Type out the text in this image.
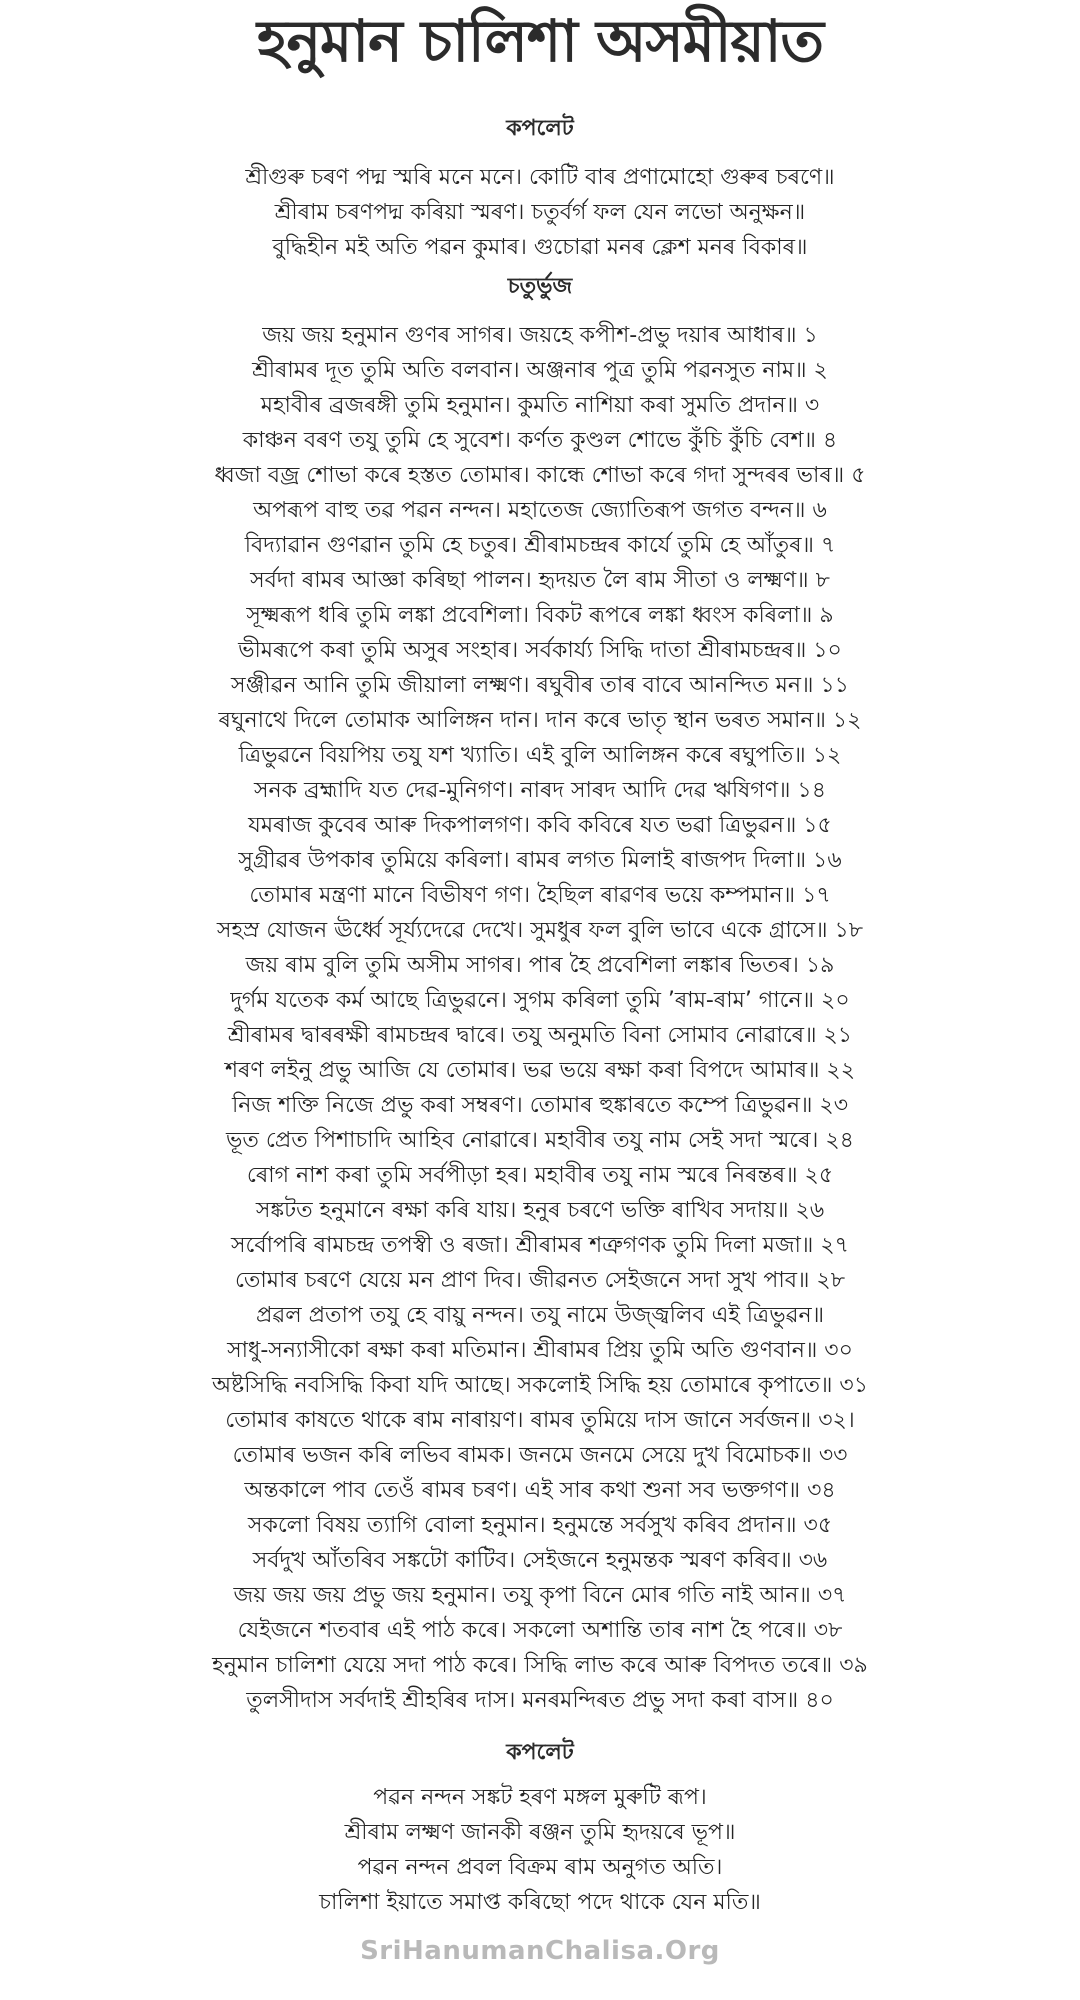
হনুমান চালিশা অসমীয়াত
কপলেট
শ্ৰীগুৰু চৰণ পদ্ম স্মৰি মনে মনে। কোটি বাৰ প্ৰণামোহো গুৰুৰ চৰণে॥
শ্ৰীৰাম চৰণপদ্ম কৰিয়া স্মৰণ। চতুৰ্বৰ্গ ফল যেন লভো অনুক্ষন॥
বুদ্ধিহীন মই অতি পৱন কুমাৰ। গুচোৱা মনৰ ক্লেশ মনৰ বিকাৰ॥
চতুৰ্ভুজ
জয় জয় হনুমান গুণৰ সাগৰ। জয়হে কপীশ-প্ৰভু দয়াৰ আধাৰ॥ ১
শ্ৰীৰামৰ দূত তুমি অতি বলবান। অঞ্জনাৰ পুত্ৰ তুমি পৱনসুত নাম॥ ২
মহাবীৰ ব্ৰজৰঙ্গী তুমি হনুমান। কুমতি নাশিয়া কৰা সুমতি প্ৰদান॥ ৩
কাঞ্চন বৰণ তযু তুমি হে সুবেশ। কৰ্ণত কুণ্ডল শোভে কুঁচি কুঁচি বেশ॥ ৪
ধ্বজা বজ্ৰ শোভা কৰে হস্তত তোমাৰ। কান্ধে শোভা কৰে গদা সুন্দৰৰ ভাৰ॥ ৫
অপৰূপ বাহু তৱ পৱন নন্দন। মহাতেজ জ্যোতিৰূপ জগত বন্দন॥ ৬
বিদ্যাৱান গুণৱান তুমি হে চতুৰ। শ্ৰীৰামচন্দ্ৰৰ কাৰ্যে তুমি হে আঁতুৰ॥ ৭
সৰ্বদা ৰামৰ আজ্ঞা কৰিছা পালন। হৃদয়ত লৈ ৰাম সীতা ও লক্ষ্মণ॥ ৮
সূক্ষ্মৰূপ ধৰি তুমি লঙ্কা প্ৰবেশিলা। বিকট ৰূপৰে লঙ্কা ধ্বংস কৰিলা॥ ৯
ভীমৰূপে কৰা তুমি অসুৰ সংহাৰ। সৰ্বকাৰ্য্য সিদ্ধি দাতা শ্ৰীৰামচন্দ্ৰৰ॥ ১০
সঞ্জীৱন আনি তুমি জীয়ালা লক্ষ্মণ। ৰঘুবীৰ তাৰ বাবে আনন্দিত মন॥ ১১
ৰঘুনাথে দিলে তোমাক আলিঙ্গন দান। দান কৰে ভাতৃ স্থান ভৰত সমান॥ ১২
ত্ৰিভুৱনে বিয়পিয় তযু যশ খ্যাতি। এই বুলি আলিঙ্গন কৰে ৰঘুপতি॥ ১২
সনক ব্ৰহ্মাদি যত দেৱ-মুনিগণ। নাৰদ সাৰদ আদি দেৱ ঋষিগণ॥ ১৪
যমৰাজ কুবেৰ আৰু দিকপালগণ। কবি কবিৰে যত ভৱা ত্ৰিভুৱন॥ ১৫
সুগ্ৰীৱৰ উপকাৰ তুমিয়ে কৰিলা। ৰামৰ লগত মিলাই ৰাজপদ দিলা॥ ১৬
তোমাৰ মন্ত্ৰণা মানে বিভীষণ গণ। হৈছিল ৰাৱণৰ ভয়ে কম্পমান॥ ১৭
সহস্ৰ যোজন ঊৰ্ধ্বে সূৰ্য্যদেৱে দেখে। সুমধুৰ ফল বুলি ভাবে একে গ্ৰাসে॥ ১৮
জয় ৰাম বুলি তুমি অসীম সাগৰ। পাৰ হৈ প্ৰবেশিলা লঙ্কাৰ ভিতৰ। ১৯
দুৰ্গম যতেক কৰ্ম আছে ত্ৰিভুৱনে। সুগম কৰিলা তুমি ’ৰাম-ৰাম’ গানে॥ ২০
শ্ৰীৰামৰ দ্বাৰৰক্ষী ৰামচন্দ্ৰৰ দ্বাৰে। তযু অনুমতি বিনা সোমাব নোৱাৰে॥ ২১
শৰণ লইনু প্ৰভু আজি যে তোমাৰ। ভৱ ভয়ে ৰক্ষা কৰা বিপদে আমাৰ॥ ২২
নিজ শক্তি নিজে প্ৰভু কৰা সম্বৰণ। তোমাৰ হুঙ্কাৰতে কম্পে ত্ৰিভুৱন॥ ২৩
ভূত প্ৰেত পিশাচাদি আহিব নোৱাৰে। মহাবীৰ তযু নাম সেই সদা স্মৰে। ২৪
ৰোগ নাশ কৰা তুমি সৰ্বপীড়া হৰ। মহাবীৰ তযু নাম স্মৰে নিৰন্তৰ॥ ২৫
সঙ্কটত হনুমানে ৰক্ষা কৰি যায়। হনুৰ চৰণে ভক্তি ৰাখিব সদায়॥ ২৬
সৰ্বোপৰি ৰামচন্দ্ৰ তপস্বী ও ৰজা। শ্ৰীৰামৰ শত্ৰুগণক তুমি দিলা মজা॥ ২৭
তোমাৰ চৰণে যেয়ে মন প্ৰাণ দিব। জীৱনত সেইজনে সদা সুখ পাব॥ ২৮
প্ৰৱল প্ৰতাপ তযু হে বায়ু নন্দন। তযু নামে উজ্জ্বলিব এই ত্ৰিভুৱন॥
সাধু-সন্যাসীকো ৰক্ষা কৰা মতিমান। শ্ৰীৰামৰ প্ৰিয় তুমি অতি গুণবান॥ ৩০
অষ্টসিদ্ধি নবসিদ্ধি কিবা যদি আছে। সকলোই সিদ্ধি হয় তোমাৰে কৃপাতে॥ ৩১
তোমাৰ কাষতে থাকে ৰাম নাৰায়ণ। ৰামৰ তুমিয়ে দাস জানে সৰ্বজন॥ ৩২।
তোমাৰ ভজন কৰি লভিব ৰামক। জনমে জনমে সেয়ে দুখ বিমোচক॥ ৩৩
অন্তকালে পাব তেওঁ ৰামৰ চৰণ। এই সাৰ কথা শুনা সব ভক্তগণ॥ ৩৪
সকলো বিষয় ত্যাগি বোলা হনুমান। হনুমন্তে সৰ্বসুখ কৰিব প্ৰদান॥ ৩৫
সৰ্বদুখ আঁতৰিব সঙ্কটো কাটিব। সেইজনে হনুমন্তক স্মৰণ কৰিব॥ ৩৬
জয় জয় জয় প্ৰভু জয় হনুমান। তযু কৃপা বিনে মোৰ গতি নাই আন॥ ৩৭
যেইজনে শতবাৰ এই পাঠ কৰে। সকলো অশান্তি তাৰ নাশ হৈ পৰে॥ ৩৮
হনুমান চালিশা যেয়ে সদা পাঠ কৰে। সিদ্ধি লাভ কৰে আৰু বিপদত তৰে॥ ৩৯
তুলসীদাস সৰ্বদাই শ্ৰীহৰিৰ দাস। মনৰমন্দিৰত প্ৰভু সদা কৰা বাস॥ ৪০
কপলেট
পৱন নন্দন সঙ্কট হৰণ মঙ্গল মুৰুটি ৰূপ।
শ্ৰীৰাম লক্ষ্মণ জানকী ৰঞ্জন তুমি হৃদয়ৰে ভূপ॥
পৱন নন্দন প্ৰবল বিক্ৰম ৰাম অনুগত অতি।
চালিশা ইয়াতে সমাপ্ত কৰিছো পদে থাকে যেন মতি॥
SriHanumanChalisa.Org
